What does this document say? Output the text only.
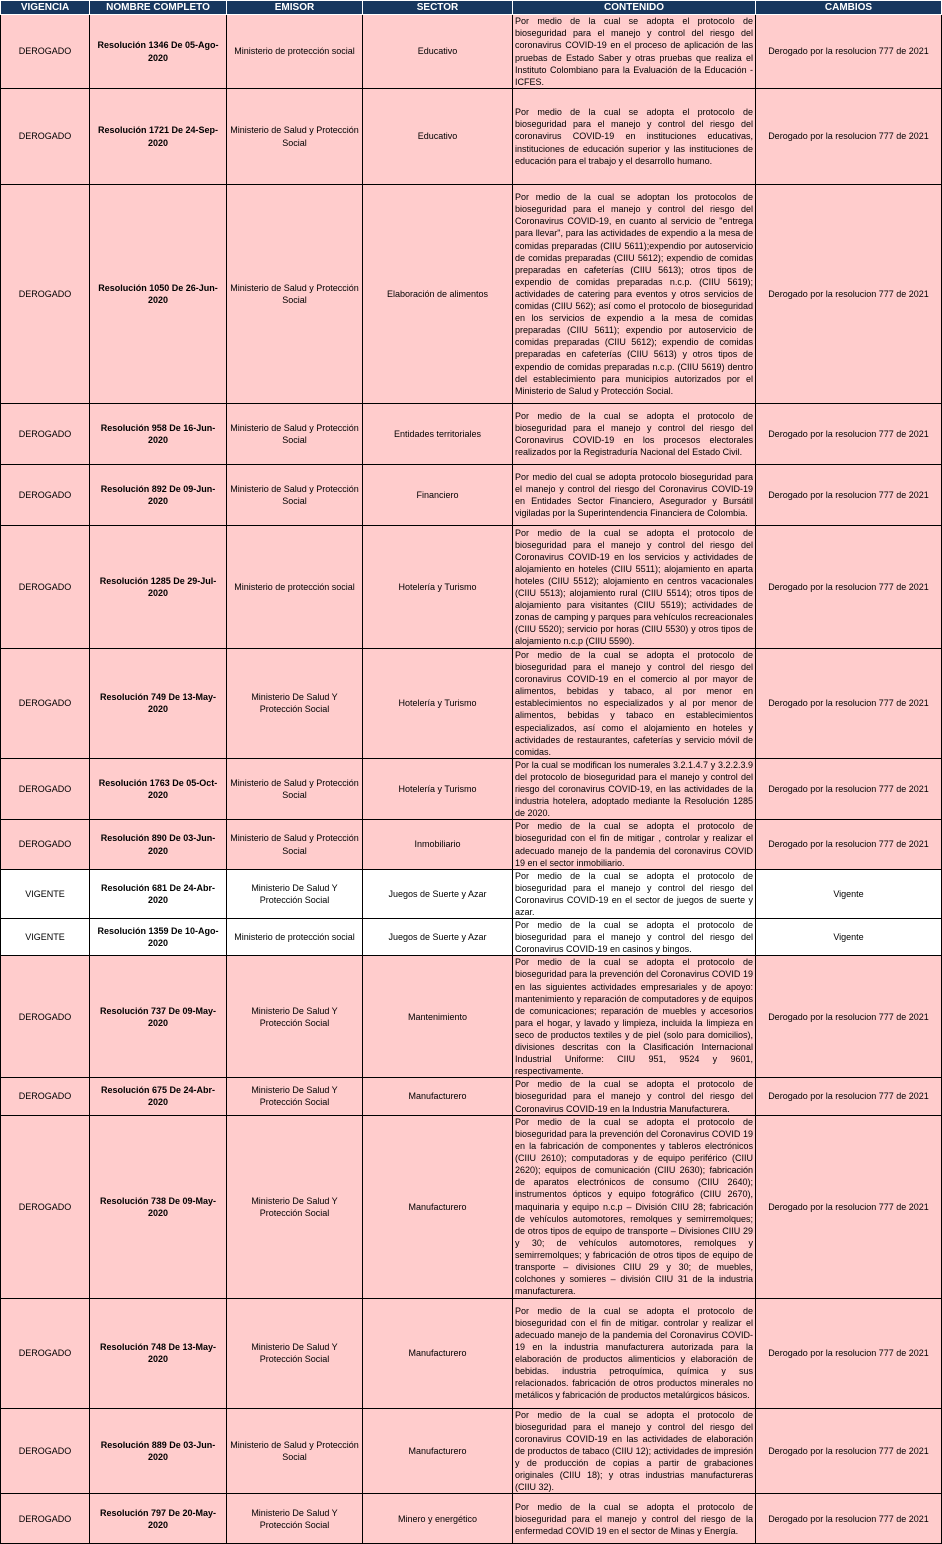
VIGENCIA	NOMBRE COMPLETO	EMISOR	SECTOR	CONTENIDO	CAMBIOS
DEROGADO	Resolución 1346 De 05-Ago-2020	Ministerio de protección social	Educativo	Por medio de la cual se adopta el protocolo de bioseguridad para el manejo y control del riesgo del coronavirus COVID-19 en el proceso de aplicación de las pruebas de Estado Saber y otras pruebas que realiza el Instituto Colombiano para la Evaluación de la Educación - ICFES.	Derogado por la resolucion 777 de 2021
DEROGADO	Resolución 1721 De 24-Sep-2020	Ministerio de Salud y Protección Social	Educativo	Por medio de la cual se adopta el protocolo de bioseguridad para el manejo y control del riesgo del coronavirus COVID-19 en instituciones educativas, instituciones de educación superior y las instituciones de educación para el trabajo y el desarrollo humano.	Derogado por la resolucion 777 de 2021
DEROGADO	Resolución 1050 De 26-Jun-2020	Ministerio de Salud y Protección Social	Elaboración de alimentos	Por medio de la cual se adoptan los protocolos de bioseguridad para el manejo y control del riesgo del Coronavirus COVID-19, en cuanto al servicio de "entrega para llevar", para las actividades de expendio a la mesa de comidas preparadas (CIIU 5611);expendio por autoservicio de comidas preparadas (CIIU 5612); expendio de comidas preparadas en cafeterías (CIIU 5613); otros tipos de expendio de comidas preparadas n.c.p. (CIIU 5619); actividades de catering para eventos y otros servicios de comidas (CIIU 562); así como el protocolo de bioseguridad en los servicios de expendio a la mesa de comidas preparadas (CIIU 5611); expendio por autoservicio de comidas preparadas (CIIU 5612); expendio de comidas preparadas en cafeterías (CIIU 5613) y otros tipos de expendio de comidas preparadas n.c.p. (CIIU 5619) dentro del establecimiento para municipios autorizados por el Ministerio de Salud y Protección Social.	Derogado por la resolucion 777 de 2021
DEROGADO	Resolución 958 De 16-Jun-2020	Ministerio de Salud y Protección Social	Entidades territoriales	Por medio de la cual se adopta el protocolo de bioseguridad para el manejo y control del riesgo del Coronavirus COVID-19 en los procesos electorales realizados por la Registraduría Nacional del Estado Civil.	Derogado por la resolucion 777 de 2021
DEROGADO	Resolución 892 De 09-Jun-2020	Ministerio de Salud y Protección Social	Financiero	Por medio del cual se adopta protocolo bioseguridad para el manejo y control del riesgo del Coronavirus COVID-19 en Entidades Sector Financiero, Asegurador y Bursátil vigiladas por la Superintendencia Financiera de Colombia.	Derogado por la resolucion 777 de 2021
DEROGADO	Resolución 1285 De 29-Jul-2020	Ministerio de protección social	Hotelería y Turismo	Por medio de la cual se adopta el protocolo de bioseguridad para el manejo y control del riesgo del Coronavirus COVID-19 en los servicios y actividades de alojamiento en hoteles (CIIU 5511); alojamiento en aparta hoteles (CIIU 5512); alojamiento en centros vacacionales (CIIU 5513); alojamiento rural (CIIU 5514); otros tipos de alojamiento para visitantes (CIIU 5519); actividades de zonas de camping y parques para vehículos recreacionales (CIIU 5520); servicio por horas (CIIU 5530) y otros tipos de alojamiento n.c.p (CIIU 5590).	Derogado por la resolucion 777 de 2021
DEROGADO	Resolución 749 De 13-May-2020	Ministerio De Salud Y Protección Social	Hotelería y Turismo	Por medio de la cual se adopta el protocolo de bioseguridad para el manejo y control del riesgo del coronavirus COVID-19 en el comercio al por mayor de alimentos, bebidas y tabaco, al por menor en establecimientos no especializados y al por menor de alimentos, bebidas y tabaco en establecimientos especializados, así como el alojamiento en hoteles y actividades de restaurantes, cafeterías y servicio móvil de comidas.	Derogado por la resolucion 777 de 2021
DEROGADO	Resolución 1763 De 05-Oct-2020	Ministerio de Salud y Protección Social	Hotelería y Turismo	Por la cual se modifican los numerales 3.2.1.4.7 y 3.2.2.3.9 del protocolo de bioseguridad para el manejo y control del riesgo del coronavirus COVID-19, en las actividades de la industria hotelera, adoptado mediante la Resolución 1285 de 2020.	Derogado por la resolucion 777 de 2021
DEROGADO	Resolución 890 De 03-Jun-2020	Ministerio de Salud y Protección Social	Inmobiliario	Por medio de la cual se adopta el protocolo de bioseguridad con el fin de mitigar , controlar y realizar el adecuado manejo de la pandemia del coronavirus COVID 19 en el sector inmobiliario.	Derogado por la resolucion 777 de 2021
VIGENTE	Resolución 681 De 24-Abr-2020	Ministerio De Salud Y Protección Social	Juegos de Suerte y Azar	Por medio de la cual se adopta el protocolo de bioseguridad para el manejo y control del riesgo del Coronavirus COVID-19 en el sector de juegos de suerte y azar.	Vigente
VIGENTE	Resolución 1359 De 10-Ago-2020	Ministerio de protección social	Juegos de Suerte y Azar	Por medio de la cual se adopta el protocolo de bioseguridad para el manejo y control del riesgo del Coronavirus COVID-19 en casinos y bingos.	Vigente
DEROGADO	Resolución 737 De 09-May-2020	Ministerio De Salud Y Protección Social	Mantenimiento	Por medio de la cual se adopta el protocolo de bioseguridad para la prevención del Coronavirus COVID 19 en las siguientes actividades empresariales y de apoyo: mantenimiento y reparación de computadores y de equipos de comunicaciones; reparación de muebles y accesorios para el hogar, y lavado y limpieza, incluida la limpieza en seco de productos textiles y de piel (solo para domicilios), divisiones descritas con la Clasificación Internacional Industrial Uniforme: CIIU 951, 9524 y 9601, respectivamente.	Derogado por la resolucion 777 de 2021
DEROGADO	Resolución 675 De 24-Abr-2020	Ministerio De Salud Y Protección Social	Manufacturero	Por medio de la cual se adopta el protocolo de bioseguridad para el manejo y control del riesgo del Coronavirus COVID-19 en la Industria Manufacturera.	Derogado por la resolucion 777 de 2021
DEROGADO	Resolución 738 De 09-May-2020	Ministerio De Salud Y Protección Social	Manufacturero	Por medio de la cual se adopta el protocolo de bioseguridad para la prevención del Coronavirus COVID 19 en la fabricación de componentes y tableros electrónicos (CIIU 2610); computadoras y de equipo periférico (CIIU 2620); equipos de comunicación (CIIU 2630); fabricación de aparatos electrónicos de consumo (CIIU 2640); instrumentos ópticos y equipo fotográfico (CIIU 2670), maquinaria y equipo n.c.p – División CIIU 28; fabricación de vehículos automotores, remolques y semirremolques; de otros tipos de equipo de transporte – Divisiones CIIU 29 y 30; de vehículos automotores, remolques y semirremolques; y fabricación de otros tipos de equipo de transporte – divisiones CIIU 29 y 30; de muebles, colchones y somieres – división CIIU 31 de la industria manufacturera.	Derogado por la resolucion 777 de 2021
DEROGADO	Resolución 748 De 13-May-2020	Ministerio De Salud Y Protección Social	Manufacturero	Por medio de la cual se adopta el protocolo de bioseguridad con el fin de mitigar. controlar y realizar el adecuado manejo de la pandemia del Coronavirus COVID-19 en la industria manufacturera autorizada para la elaboración de productos alimenticios y elaboración de bebidas. industria petroquímica, química y sus relacionados. fabricación de otros productos minerales no metálicos y fabricación de productos metalúrgicos básicos.	Derogado por la resolucion 777 de 2021
DEROGADO	Resolución 889 De 03-Jun-2020	Ministerio de Salud y Protección Social	Manufacturero	Por medio de la cual se adopta el protocolo de bioseguridad para el manejo y control del riesgo del coronavirus COVID-19 en las actividades de elaboración de productos de tabaco (CIIU 12); actividades de impresión y de producción de copias a partir de grabaciones originales (CIIU 18); y otras industrias manufactureras (CIIU 32).	Derogado por la resolucion 777 de 2021
DEROGADO	Resolución 797 De 20-May-2020	Ministerio De Salud Y Protección Social	Minero y energético	Por medio de la cual se adopta el protocolo de bioseguridad para el manejo y control del riesgo de la enfermedad COVID 19 en el sector de Minas y Energía.	Derogado por la resolucion 777 de 2021
